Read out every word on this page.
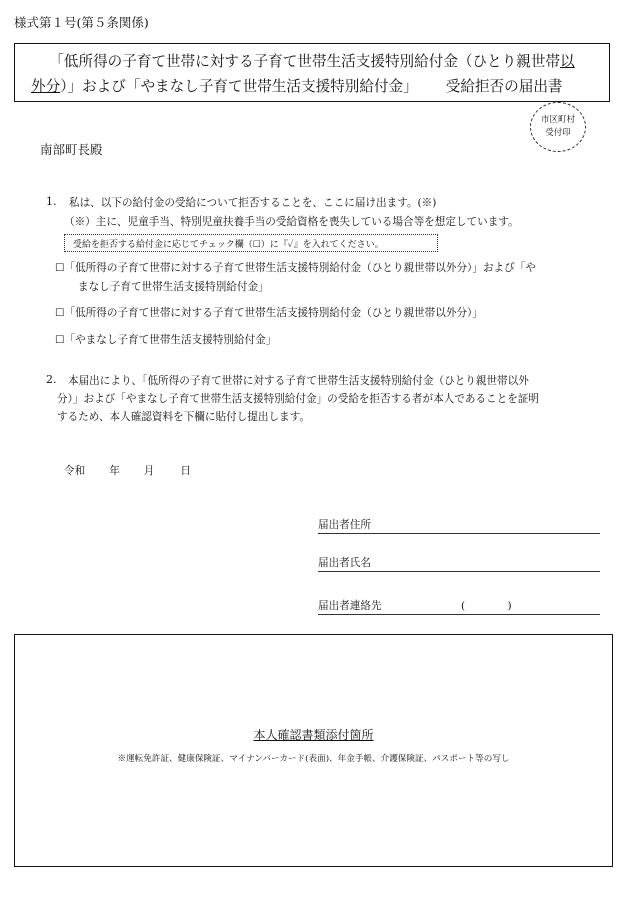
様式第１号(第５条関係)
「低所得の子育て世帯に対する子育て世帯生活支援特別給付金（ひとり親世帯以
外分）」および「やまなし子育て世帯生活支援特別給付金」 受給拒否の届出書
市区町村
受付印
南部町長殿
1. 私は、以下の給付金の受給について拒否することを、ここに届け出ます。(※)
（※）主に、児童手当、特別児童扶養手当の受給資格を喪失している場合等を想定しています。
受給を拒否する給付金に応じてチェック欄（☐）に『✓』を入れてください。
☐「低所得の子育て世帯に対する子育て世帯生活支援特別給付金（ひとり親世帯以外分）」および「や
まなし子育て世帯生活支援特別給付金」
☐「低所得の子育て世帯に対する子育て世帯生活支援特別給付金（ひとり親世帯以外分）」
☐「やまなし子育て世帯生活支援特別給付金」
2. 本届出により、「低所得の子育て世帯に対する子育て世帯生活支援特別給付金（ひとり親世帯以外
分）」および「やまなし子育て世帯生活支援特別給付金」の受給を拒否する者が本人であることを証明
するため、本人確認資料を下欄に貼付し提出します。
令和 年 月 日
届出者住所
届出者氏名
届出者連絡先	(　　　　)
本人確認書類添付箇所
※運転免許証、健康保険証、マイナンバーカード(表面)、年金手帳、介護保険証、パスポート等の写し
